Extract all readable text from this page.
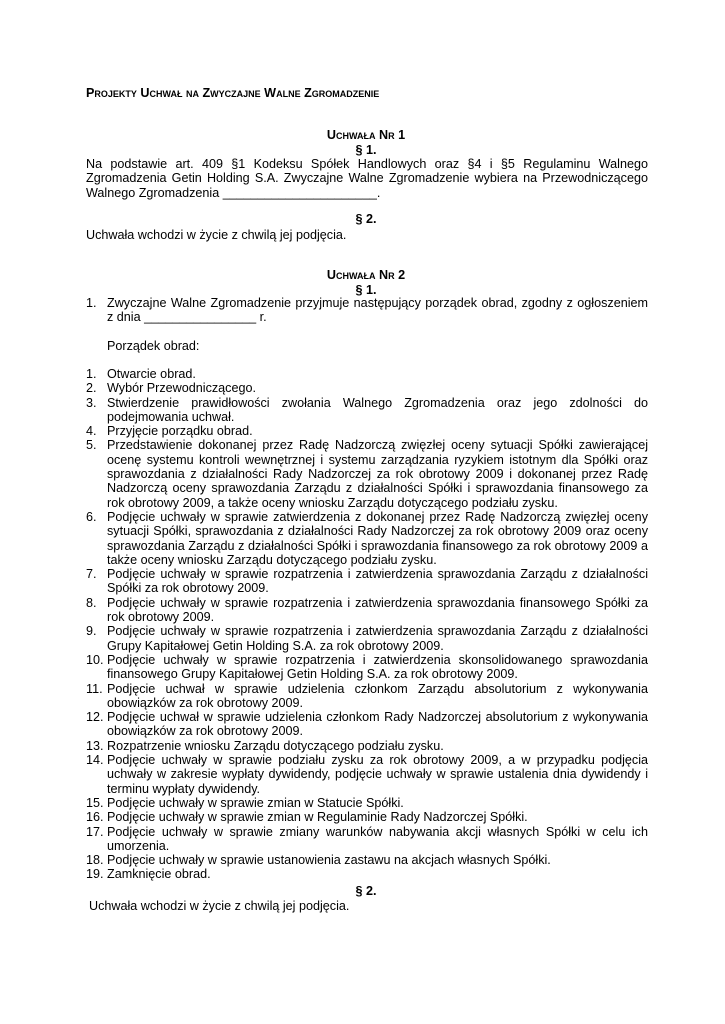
Projekty Uchwał na Zwyczajne Walne Zgromadzenie
Uchwała Nr 1
§ 1.
Na podstawie art. 409 §1 Kodeksu Spółek Handlowych oraz §4 i §5 Regulaminu Walnego Zgromadzenia Getin Holding S.A. Zwyczajne Walne Zgromadzenie wybiera na Przewodniczącego Walnego Zgromadzenia ______________________.
§ 2.
Uchwała wchodzi w życie z chwilą jej podjęcia.
Uchwała Nr 2
§ 1.
1. Zwyczajne Walne Zgromadzenie przyjmuje następujący porządek obrad, zgodny z ogłoszeniem z dnia ________________ r.
Porządek obrad:
1. Otwarcie obrad.
2. Wybór Przewodniczącego.
3. Stwierdzenie prawidłowości zwołania Walnego Zgromadzenia oraz jego zdolności do podejmowania uchwał.
4. Przyjęcie porządku obrad.
5. Przedstawienie dokonanej przez Radę Nadzorczą zwięzłej oceny sytuacji Spółki zawierającej ocenę systemu kontroli wewnętrznej i systemu zarządzania ryzykiem istotnym dla Spółki oraz sprawozdania z działalności Rady Nadzorczej za rok obrotowy 2009 i dokonanej przez Radę Nadzorczą oceny sprawozdania Zarządu z działalności Spółki i sprawozdania finansowego za rok obrotowy 2009, a także oceny wniosku Zarządu dotyczącego podziału zysku.
6. Podjęcie uchwały w sprawie zatwierdzenia z dokonanej przez Radę Nadzorczą zwięzłej oceny sytuacji Spółki, sprawozdania z działalności Rady Nadzorczej za rok obrotowy 2009 oraz oceny sprawozdania Zarządu z działalności Spółki i sprawozdania finansowego za rok obrotowy 2009 a także oceny wniosku Zarządu dotyczącego podziału zysku.
7. Podjęcie uchwały w sprawie rozpatrzenia i zatwierdzenia sprawozdania Zarządu z działalności Spółki za rok obrotowy 2009.
8. Podjęcie uchwały w sprawie rozpatrzenia i zatwierdzenia sprawozdania finansowego Spółki za rok obrotowy 2009.
9. Podjęcie uchwały w sprawie rozpatrzenia i zatwierdzenia sprawozdania Zarządu z działalności Grupy Kapitałowej Getin Holding S.A. za rok obrotowy 2009.
10. Podjęcie uchwały w sprawie rozpatrzenia i zatwierdzenia skonsolidowanego sprawozdania finansowego Grupy Kapitałowej Getin Holding S.A. za rok obrotowy 2009.
11. Podjęcie uchwał w sprawie udzielenia członkom Zarządu absolutorium z wykonywania obowiązków za rok obrotowy 2009.
12. Podjęcie uchwał w sprawie udzielenia członkom Rady Nadzorczej absolutorium z wykonywania obowiązków za rok obrotowy 2009.
13. Rozpatrzenie wniosku Zarządu dotyczącego podziału zysku.
14. Podjęcie uchwały w sprawie podziału zysku za rok obrotowy 2009, a w przypadku podjęcia uchwały w zakresie wypłaty dywidendy, podjęcie uchwały w sprawie ustalenia dnia dywidendy i terminu wypłaty dywidendy.
15. Podjęcie uchwały w sprawie zmian w Statucie Spółki.
16. Podjęcie uchwały w sprawie zmian w Regulaminie Rady Nadzorczej Spółki.
17. Podjęcie uchwały w sprawie zmiany warunków nabywania akcji własnych Spółki w celu ich umorzenia.
18. Podjęcie uchwały w sprawie ustanowienia zastawu na akcjach własnych Spółki.
19. Zamknięcie obrad.
§ 2.
Uchwała wchodzi w życie z chwilą jej podjęcia.
